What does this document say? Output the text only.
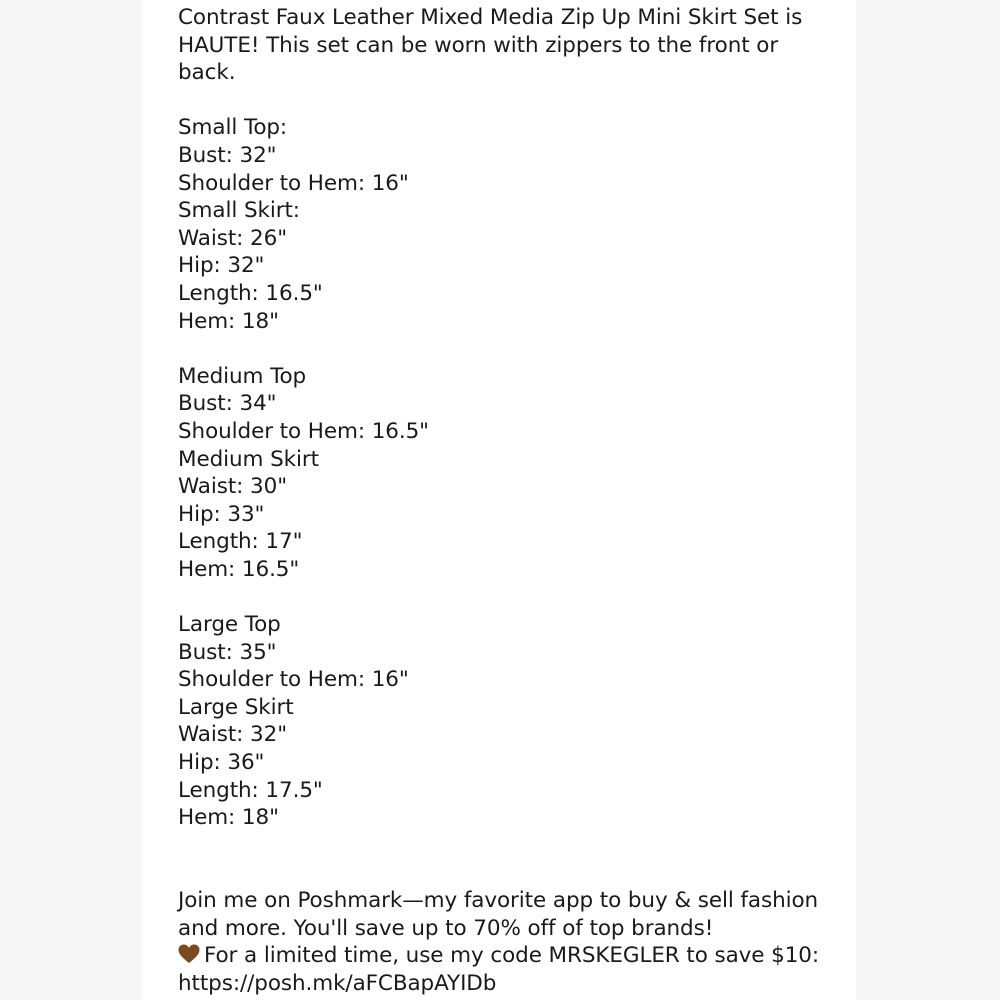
Contrast Faux Leather Mixed Media Zip Up Mini Skirt Set is
HAUTE! This set can be worn with zippers to the front or
back.
Small Top:
Bust: 32"
Shoulder to Hem: 16"
Small Skirt:
Waist: 26"
Hip: 32"
Length: 16.5"
Hem: 18"
Medium Top
Bust: 34"
Shoulder to Hem: 16.5"
Medium Skirt
Waist: 30"
Hip: 33"
Length: 17"
Hem: 16.5"
Large Top
Bust: 35"
Shoulder to Hem: 16"
Large Skirt
Waist: 32"
Hip: 36"
Length: 17.5"
Hem: 18"
Join me on Poshmark—my favorite app to buy & sell fashion
and more. You'll save up to 70% off of top brands!
For a limited time, use my code MRSKEGLER to save $10:
https://posh.mk/aFCBapAYIDb
